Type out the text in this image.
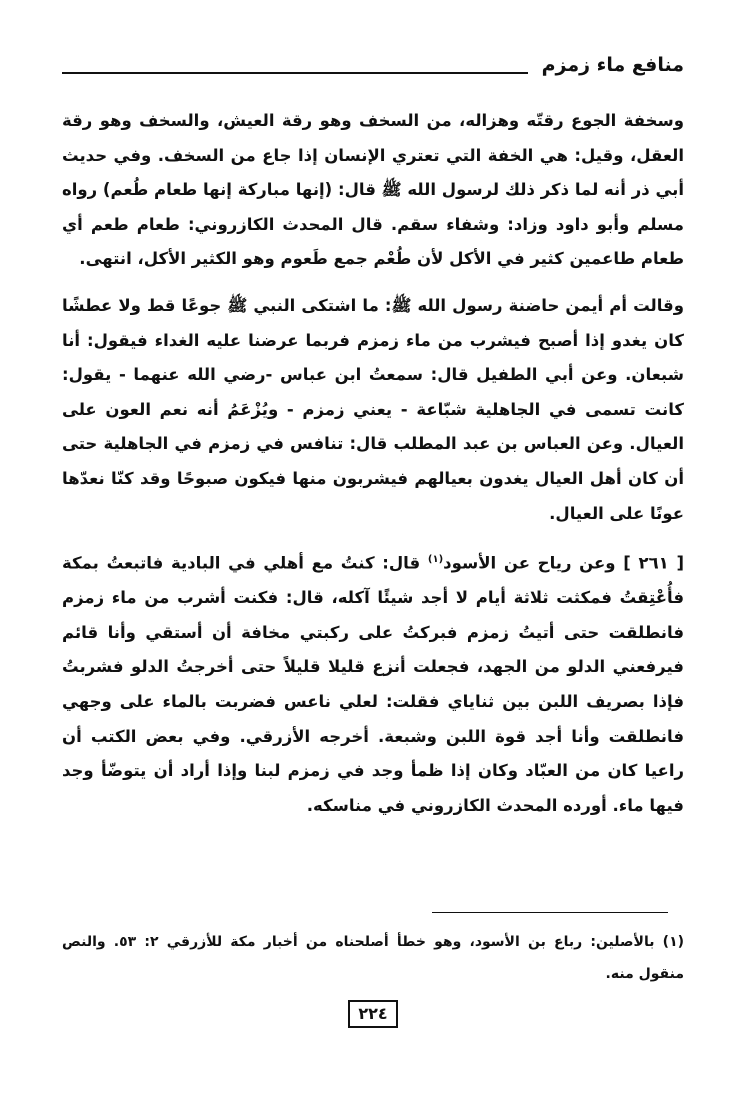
منافع ماء زمزم

وسخفة الجوع رقتّه وهزاله، من السخف وهو رقة العيش، والسخف وهو رقة العقل، وقيل: هي الخفة التي تعتري الإنسان إذا جاع من السخف. وفي حديث أبي ذر أنه لما ذكر ذلك لرسول الله ﷺ قال: (إنها مباركة إنها طعام طُعم) رواه مسلم وأبو داود وزاد: وشفاء سقم. قال المحدث الكازروني: طعام طعم أي طعام طاعمين كثير في الأكل لأن طُعْم جمع طَعوم وهو الكثير الأكل، انتهى.

وقالت أم أيمن حاضنة رسول الله ﷺ: ما اشتكى النبي ﷺ جوعًا قط ولا عطشًا كان يغدو إذا أصبح فيشرب من ماء زمزم فربما عرضنا عليه الغداء فيقول: أنا شبعان. وعن أبي الطفيل قال: سمعتُ ابن عباس -رضي الله عنهما - يقول: كانت تسمى في الجاهلية شبّاعة - يعني زمزم - ويُزْعَمُ أنه نعم العون على العيال. وعن العباس بن عبد المطلب قال: تنافس في زمزم في الجاهلية حتى أن كان أهل العيال يغدون بعيالهم فيشربون منها فيكون صبوحًا وقد كنّا نعدّها عونًا على العيال.

[ ٢٦١ ] وعن رياح عن الأسود$^{(١)}$ قال: كنتُ مع أهلي في البادية فاتبعتُ بمكة فأُعْتِقتُ فمكثت ثلاثة أيام لا أجد شيئًا آكله، قال: فكنت أشرب من ماء زمزم فانطلقت حتى أتيتُ زمزم فبركتُ على ركبتي مخافة أن أستقي وأنا قائم فيرفعني الدلو من الجهد، فجعلت أنزع قليلا قليلاً حتى أخرجتُ الدلو فشربتُ فإذا بصريف اللبن بين ثناياي فقلت: لعلي ناعس فضربت بالماء على وجهي فانطلقت وأنا أجد قوة اللبن وشبعة. أخرجه الأزرقي. وفي بعض الكتب أن راعيا كان من العبّاد وكان إذا ظمأ وجد في زمزم لبنا وإذا أراد أن يتوضّأ وجد فيها ماء. أورده المحدث الكازروني في مناسكه.

(١) بالأصلين: رباع بن الأسود، وهو خطأ أصلحناه من أخبار مكة للأزرقي ٢: ٥٣. والنص منقول منه.
٢٢٤
